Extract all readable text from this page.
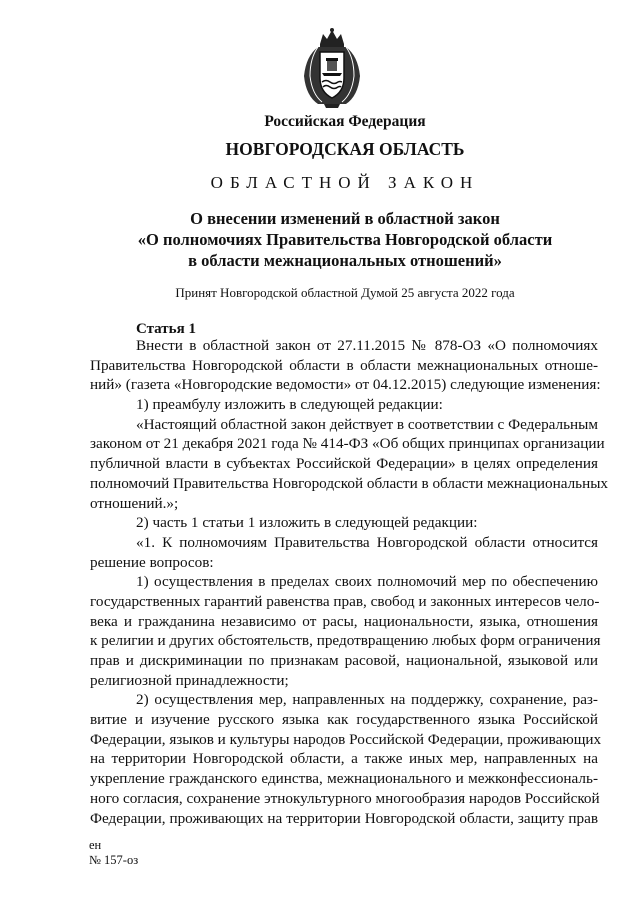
Российская Федерация
НОВГОРОДСКАЯ ОБЛАСТЬ
ОБЛАСТНОЙ ЗАКОН
О внесении изменений в областной закон
«О полномочиях Правительства Новгородской области
в области межнациональных отношений»
Принят Новгородской областной Думой 25 августа 2022 года
Статья 1
Внести в областной закон от 27.11.2015 № 878-ОЗ «О полномочиях
Правительства Новгородской области в области межнациональных отноше-
ний» (газета «Новгородские ведомости» от 04.12.2015) следующие изменения:
1) преамбулу изложить в следующей редакции:
«Настоящий областной закон действует в соответствии с Федеральным
законом от 21 декабря 2021 года № 414-ФЗ «Об общих принципах организации
публичной власти в субъектах Российской Федерации» в целях определения
полномочий Правительства Новгородской области в области межнациональных
отношений.»;
2) часть 1 статьи 1 изложить в следующей редакции:
«1. К полномочиям Правительства Новгородской области относится
решение вопросов:
1) осуществления в пределах своих полномочий мер по обеспечению
государственных гарантий равенства прав, свобод и законных интересов чело-
века и гражданина независимо от расы, национальности, языка, отношения
к религии и других обстоятельств, предотвращению любых форм ограничения
прав и дискриминации по признакам расовой, национальной, языковой или
религиозной принадлежности;
2) осуществления мер, направленных на поддержку, сохранение, раз-
витие и изучение русского языка как государственного языка Российской
Федерации, языков и культуры народов Российской Федерации, проживающих
на территории Новгородской области, а также иных мер, направленных на
укрепление гражданского единства, межнационального и межконфессиональ-
ного согласия, сохранение этнокультурного многообразия народов Российской
Федерации, проживающих на территории Новгородской области, защиту прав
ен
№ 157-оз
